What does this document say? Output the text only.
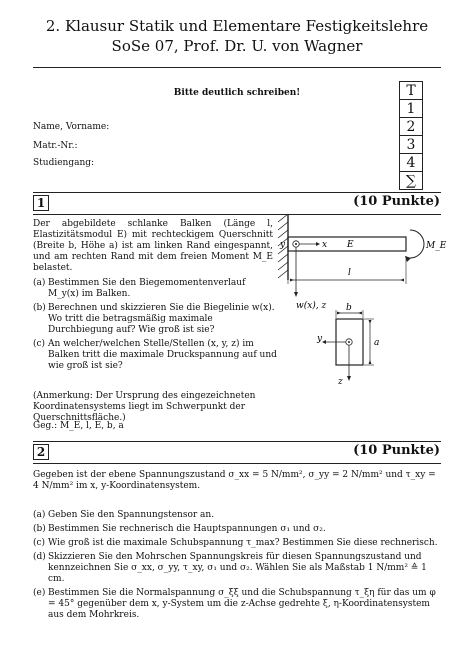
2. Klausur Statik und Elementare Festigkeitslehre
SoSe 07, Prof. Dr. U. von Wagner
Bitte deutlich schreiben!
Name, Vorname:
Matr.-Nr.:
Studiengang:
T
1
2
3
4
∑
1	(10 Punkte)
Der abgebildete schlanke Balken (Länge l, Elastizitätsmodul E) mit rechteckigem Querschnitt (Breite b, Höhe a) ist am linken Rand eingespannt, und am rechten Rand mit dem freien Moment M_E belastet.
(a) Bestimmen Sie den Biegemomentenverlauf M_y(x) im Balken.
(b) Berechnen und skizzieren Sie die Biegelinie w(x). Wo tritt die betragsmäßig maximale Durchbiegung auf? Wie groß ist sie?
(c) An welcher/welchen Stelle/Stellen (x, y, z) im Balken tritt die maximale Druckspannung auf und wie groß ist sie?
(Anmerkung: Der Ursprung des eingezeichneten Koordinatensystems liegt im Schwerpunkt der Querschnittsfläche.)
Geg.: M_E, l, E, b, a
x
y	E	M_E
l
w(x), z b
a
y
z
2	(10 Punkte)
Gegeben ist der ebene Spannungszustand σ_xx = 5 N/mm², σ_yy = 2 N/mm² und τ_xy = 4 N/mm² im x, y-Koordinatensystem.
(a) Geben Sie den Spannungstensor an.
(b) Bestimmen Sie rechnerisch die Hauptspannungen σ₁ und σ₂.
(c) Wie groß ist die maximale Schubspannung τ_max? Bestimmen Sie diese rechnerisch.
(d) Skizzieren Sie den Mohrschen Spannungskreis für diesen Spannungszustand und kennzeichnen Sie σ_xx, σ_yy, τ_xy, σ₁ und σ₂. Wählen Sie als Maßstab 1 N/mm² ≙ 1 cm.
(e) Bestimmen Sie die Normalspannung σ_ξξ und die Schubspannung τ_ξη für das um φ = 45° gegenüber dem x, y-System um die z-Achse gedrehte ξ, η-Koordinatensystem aus dem Mohrkreis.
